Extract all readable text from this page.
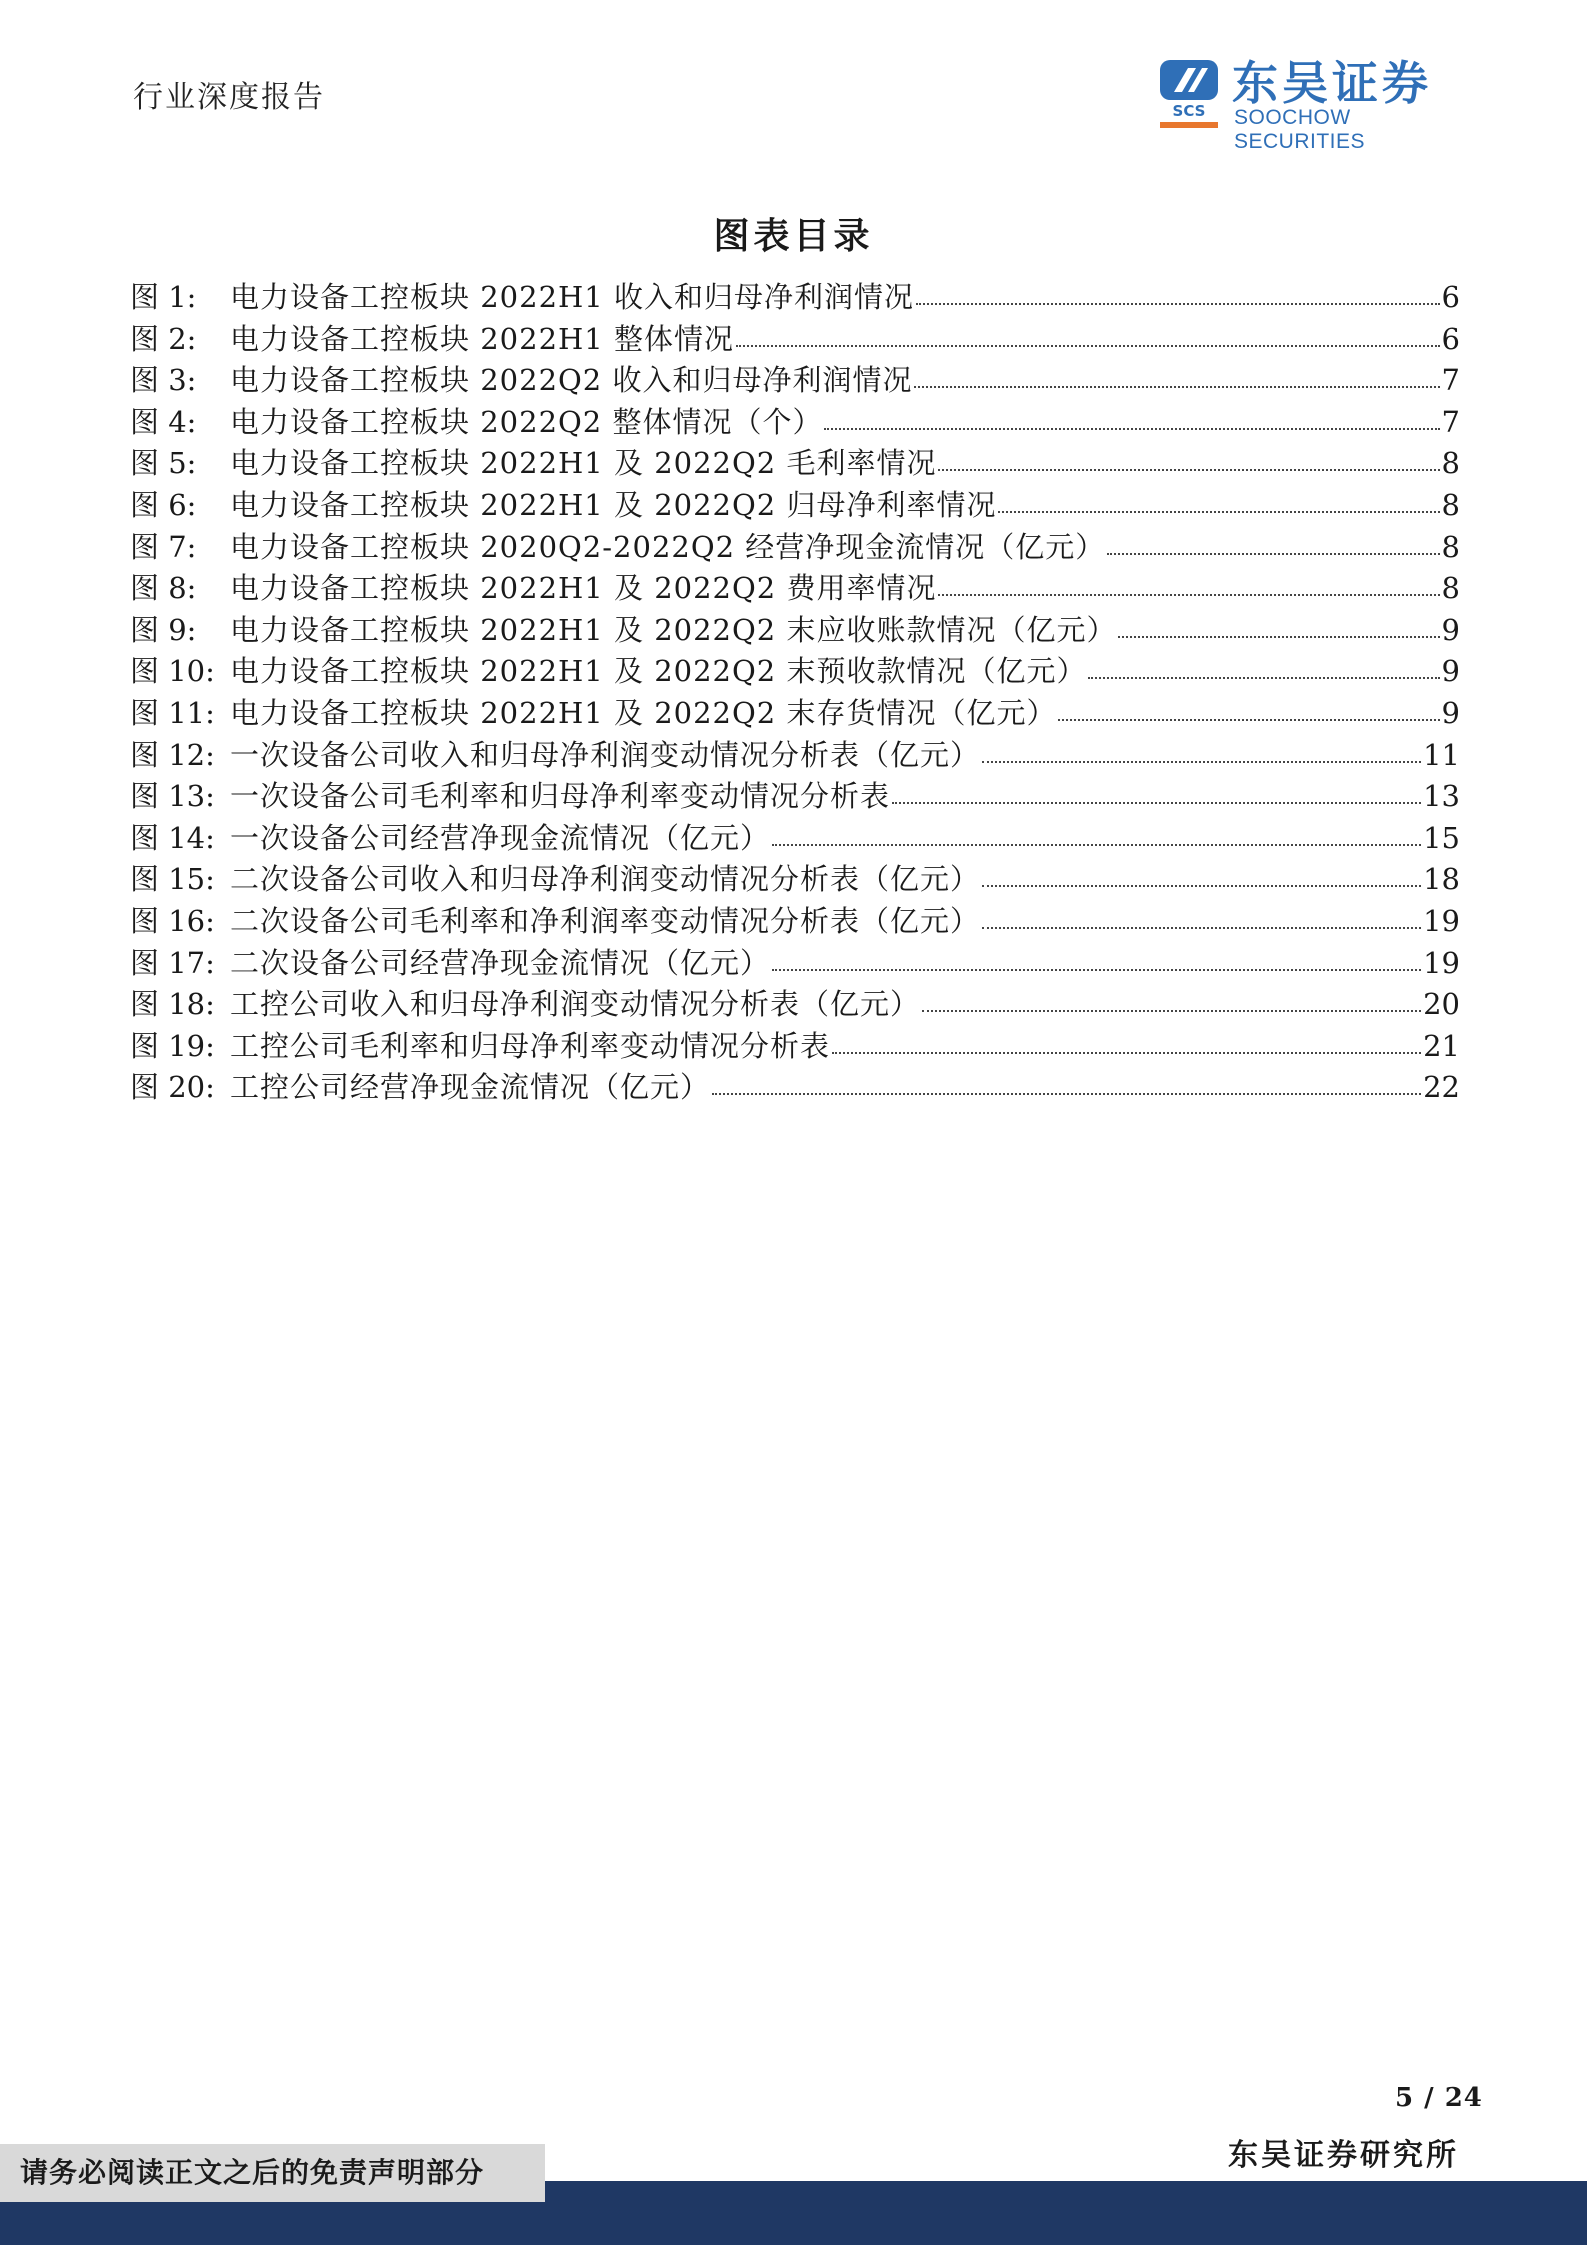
行业深度报告	SCS
东吴证券
SOOCHOW SECURITIES
图表目录
图 1:	电力设备工控板块 2022H1 收入和归母净利润情况	6
图 2:	电力设备工控板块 2022H1 整体情况	6
图 3:	电力设备工控板块 2022Q2 收入和归母净利润情况	7
图 4:	电力设备工控板块 2022Q2 整体情况（个）	7
图 5:	电力设备工控板块 2022H1 及 2022Q2 毛利率情况	8
图 6:	电力设备工控板块 2022H1 及 2022Q2 归母净利率情况	8
图 7:	电力设备工控板块 2020Q2-2022Q2 经营净现金流情况（亿元）	8
图 8:	电力设备工控板块 2022H1 及 2022Q2 费用率情况	8
图 9:	电力设备工控板块 2022H1 及 2022Q2 末应收账款情况（亿元）	9
图 10: 电力设备工控板块 2022H1 及 2022Q2 末预收款情况（亿元）	9
图 11: 电力设备工控板块 2022H1 及 2022Q2 末存货情况（亿元）	9
图 12: 一次设备公司收入和归母净利润变动情况分析表（亿元）	11
图 13: 一次设备公司毛利率和归母净利率变动情况分析表	13
图 14: 一次设备公司经营净现金流情况（亿元）	15
图 15: 二次设备公司收入和归母净利润变动情况分析表（亿元）	18
图 16: 二次设备公司毛利率和净利润率变动情况分析表（亿元）	19
图 17: 二次设备公司经营净现金流情况（亿元）	19
图 18: 工控公司收入和归母净利润变动情况分析表（亿元）	20
图 19: 工控公司毛利率和归母净利率变动情况分析表	21
图 20: 工控公司经营净现金流情况（亿元）	22
5 / 24
东吴证券研究所
请务必阅读正文之后的免责声明部分
